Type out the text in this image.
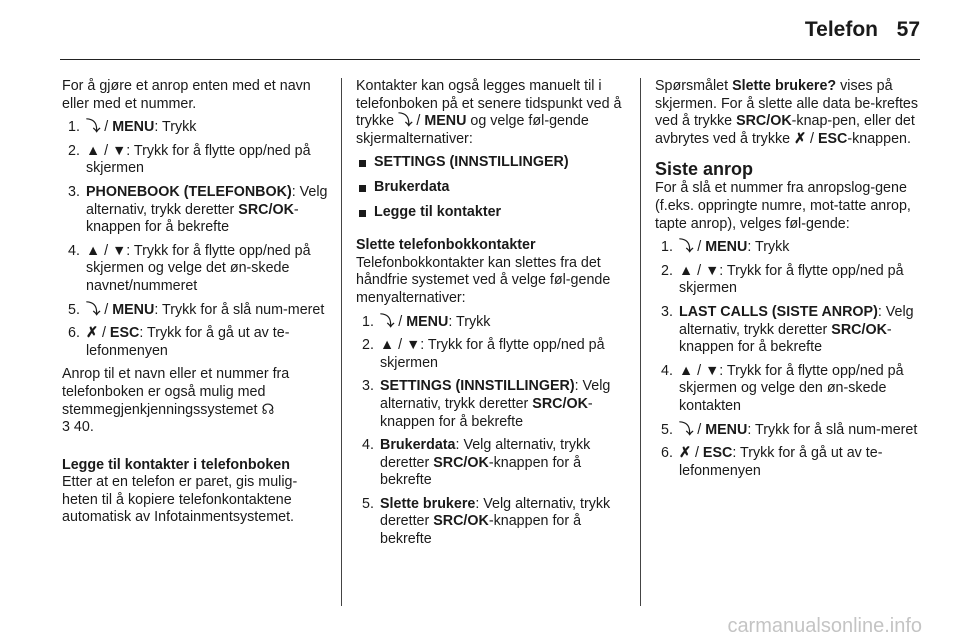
Telefon 57

For å gjøre et anrop enten med et navn eller med et nummer.

1. ⤵ / MENU: Trykk
2. ▲ / ▼: Trykk for å flytte opp/ned på skjermen
3. PHONEBOOK (TELEFONBOK): Velg alternativ, trykk deretter SRC/OK-knappen for å bekrefte
4. ▲ / ▼: Trykk for å flytte opp/ned på skjermen og velge det øn-skede navnet/nummeret
5. ⤵ / MENU: Trykk for å slå num-meret
6. ✗ / ESC: Trykk for å gå ut av te-lefonmenyen

Anrop til et navn eller et nummer fra telefonboken er også mulig med stemmegjenkjenningssystemet ☊
3 40.

Legge til kontakter i telefonboken

Etter at en telefon er paret, gis mulig-heten til å kopiere telefonkontaktene automatisk av Infotainmentsystemet.

Kontakter kan også legges manuelt til i telefonboken på et senere tidspunkt ved å trykke ⤵ / MENU og velge føl-gende skjermalternativer:

SETTINGS (INNSTILLINGER)
Brukerdata
Legge til kontakter

Slette telefonbokkontakter

Telefonbokkontakter kan slettes fra det håndfrie systemet ved å velge føl-gende menyalternativer:

1. ⤵ / MENU: Trykk
2. ▲ / ▼: Trykk for å flytte opp/ned på skjermen
3. SETTINGS (INNSTILLINGER): Velg alternativ, trykk deretter SRC/OK-knappen for å bekrefte
4. Brukerdata: Velg alternativ, trykk deretter SRC/OK-knappen for å bekrefte
5. Slette brukere: Velg alternativ, trykk deretter SRC/OK-knappen for å bekrefte

Spørsmålet Slette brukere? vises på skjermen. For å slette alle data be-kreftes ved å trykke SRC/OK-knap-pen, eller det avbrytes ved å trykke ✗ / ESC-knappen.

Siste anrop

For å slå et nummer fra anropslog-gene (f.eks. oppringte numre, mot-tatte anrop, tapte anrop), velges føl-gende:

1. ⤵ / MENU: Trykk
2. ▲ / ▼: Trykk for å flytte opp/ned på skjermen
3. LAST CALLS (SISTE ANROP): Velg alternativ, trykk deretter SRC/OK-knappen for å bekrefte
4. ▲ / ▼: Trykk for å flytte opp/ned på skjermen og velge den øn-skede kontakten
5. ⤵ / MENU: Trykk for å slå num-meret
6. ✗ / ESC: Trykk for å gå ut av te-lefonmenyen
carmanualsonline.info
